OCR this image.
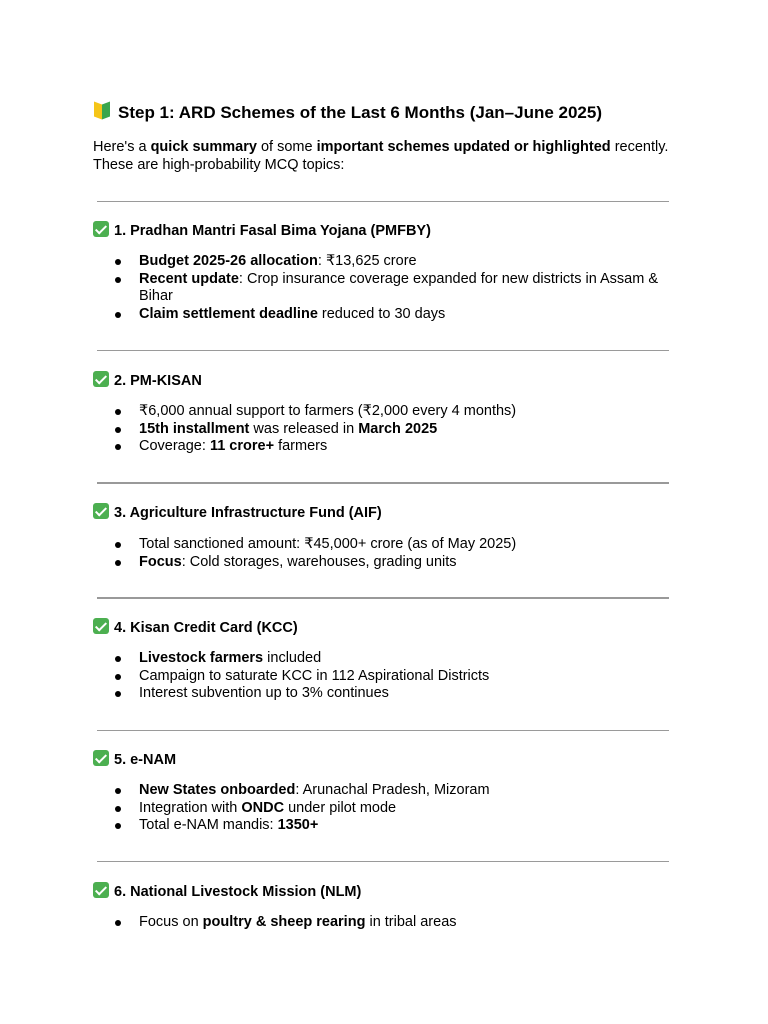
Step 1: ARD Schemes of the Last 6 Months (Jan–June 2025)
Here's a quick summary of some important schemes updated or highlighted recently.
These are high-probability MCQ topics:
1. Pradhan Mantri Fasal Bima Yojana (PMFBY)
Budget 2025-26 allocation: ₹13,625 crore
Recent update: Crop insurance coverage expanded for new districts in Assam & Bihar
Claim settlement deadline reduced to 30 days
2. PM-KISAN
₹6,000 annual support to farmers (₹2,000 every 4 months)
15th installment was released in March 2025
Coverage: 11 crore+ farmers
3. Agriculture Infrastructure Fund (AIF)
Total sanctioned amount: ₹45,000+ crore (as of May 2025)
Focus: Cold storages, warehouses, grading units
4. Kisan Credit Card (KCC)
Livestock farmers included
Campaign to saturate KCC in 112 Aspirational Districts
Interest subvention up to 3% continues
5. e-NAM
New States onboarded: Arunachal Pradesh, Mizoram
Integration with ONDC under pilot mode
Total e-NAM mandis: 1350+
6. National Livestock Mission (NLM)
Focus on poultry & sheep rearing in tribal areas
